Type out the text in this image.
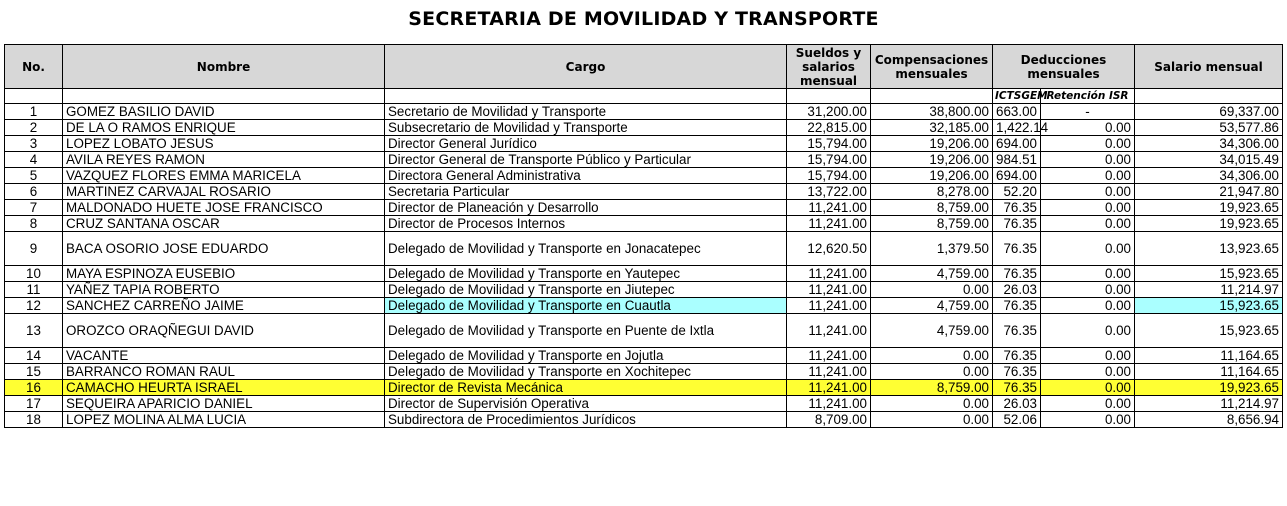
SECRETARIA DE MOVILIDAD Y TRANSPORTE
No.	Nombre	Cargo	Sueldos y salarios mensual	Compensaciones mensuales	Deducciones mensuales		Salario mensual
					ICTSGEM	Retención ISR	
1	GOMEZ BASILIO DAVID	Secretario de Movilidad y Transporte	31,200.00	38,800.00	663.00	-	69,337.00
2	DE LA O RAMOS ENRIQUE	Subsecretario de Movilidad y Transporte	22,815.00	32,185.00	1,422.14	0.00	53,577.86
3	LOPEZ LOBATO JESUS	Director General Jurídico	15,794.00	19,206.00	694.00	0.00	34,306.00
4	AVILA REYES RAMON	Director General de Transporte Público y Particular	15,794.00	19,206.00	984.51	0.00	34,015.49
5	VAZQUEZ FLORES EMMA MARICELA	Directora General Administrativa	15,794.00	19,206.00	694.00	0.00	34,306.00
6	MARTINEZ CARVAJAL ROSARIO	Secretaria Particular	13,722.00	8,278.00	52.20	0.00	21,947.80
7	MALDONADO HUETE JOSE FRANCISCO	Director de Planeación y Desarrollo	11,241.00	8,759.00	76.35	0.00	19,923.65
8	CRUZ SANTANA OSCAR	Director de Procesos Internos	11,241.00	8,759.00	76.35	0.00	19,923.65
9	BACA OSORIO JOSE EDUARDO	Delegado de Movilidad y Transporte en Jonacatepec	12,620.50	1,379.50	76.35	0.00	13,923.65
10	MAYA ESPINOZA EUSEBIO	Delegado de Movilidad y Transporte en Yautepec	11,241.00	4,759.00	76.35	0.00	15,923.65
11	YAÑEZ TAPIA ROBERTO	Delegado de Movilidad y Transporte en Jiutepec	11,241.00	0.00	26.03	0.00	11,214.97
12	SANCHEZ CARREÑO JAIME	Delegado de Movilidad y Transporte en Cuautla	11,241.00	4,759.00	76.35	0.00	15,923.65
13	OROZCO ORAQÑEGUI DAVID	Delegado de Movilidad y Transporte en Puente de Ixtla	11,241.00	4,759.00	76.35	0.00	15,923.65
14	VACANTE	Delegado de Movilidad y Transporte en Jojutla	11,241.00	0.00	76.35	0.00	11,164.65
15	BARRANCO ROMAN RAUL	Delegado de Movilidad y Transporte en Xochitepec	11,241.00	0.00	76.35	0.00	11,164.65
16	CAMACHO HEURTA ISRAEL	Director de Revista Mecánica	11,241.00	8,759.00	76.35	0.00	19,923.65
17	SEQUEIRA APARICIO DANIEL	Director de Supervisión Operativa	11,241.00	0.00	26.03	0.00	11,214.97
18	LOPEZ MOLINA ALMA LUCIA	Subdirectora de Procedimientos Jurídicos	8,709.00	0.00	52.06	0.00	8,656.94
